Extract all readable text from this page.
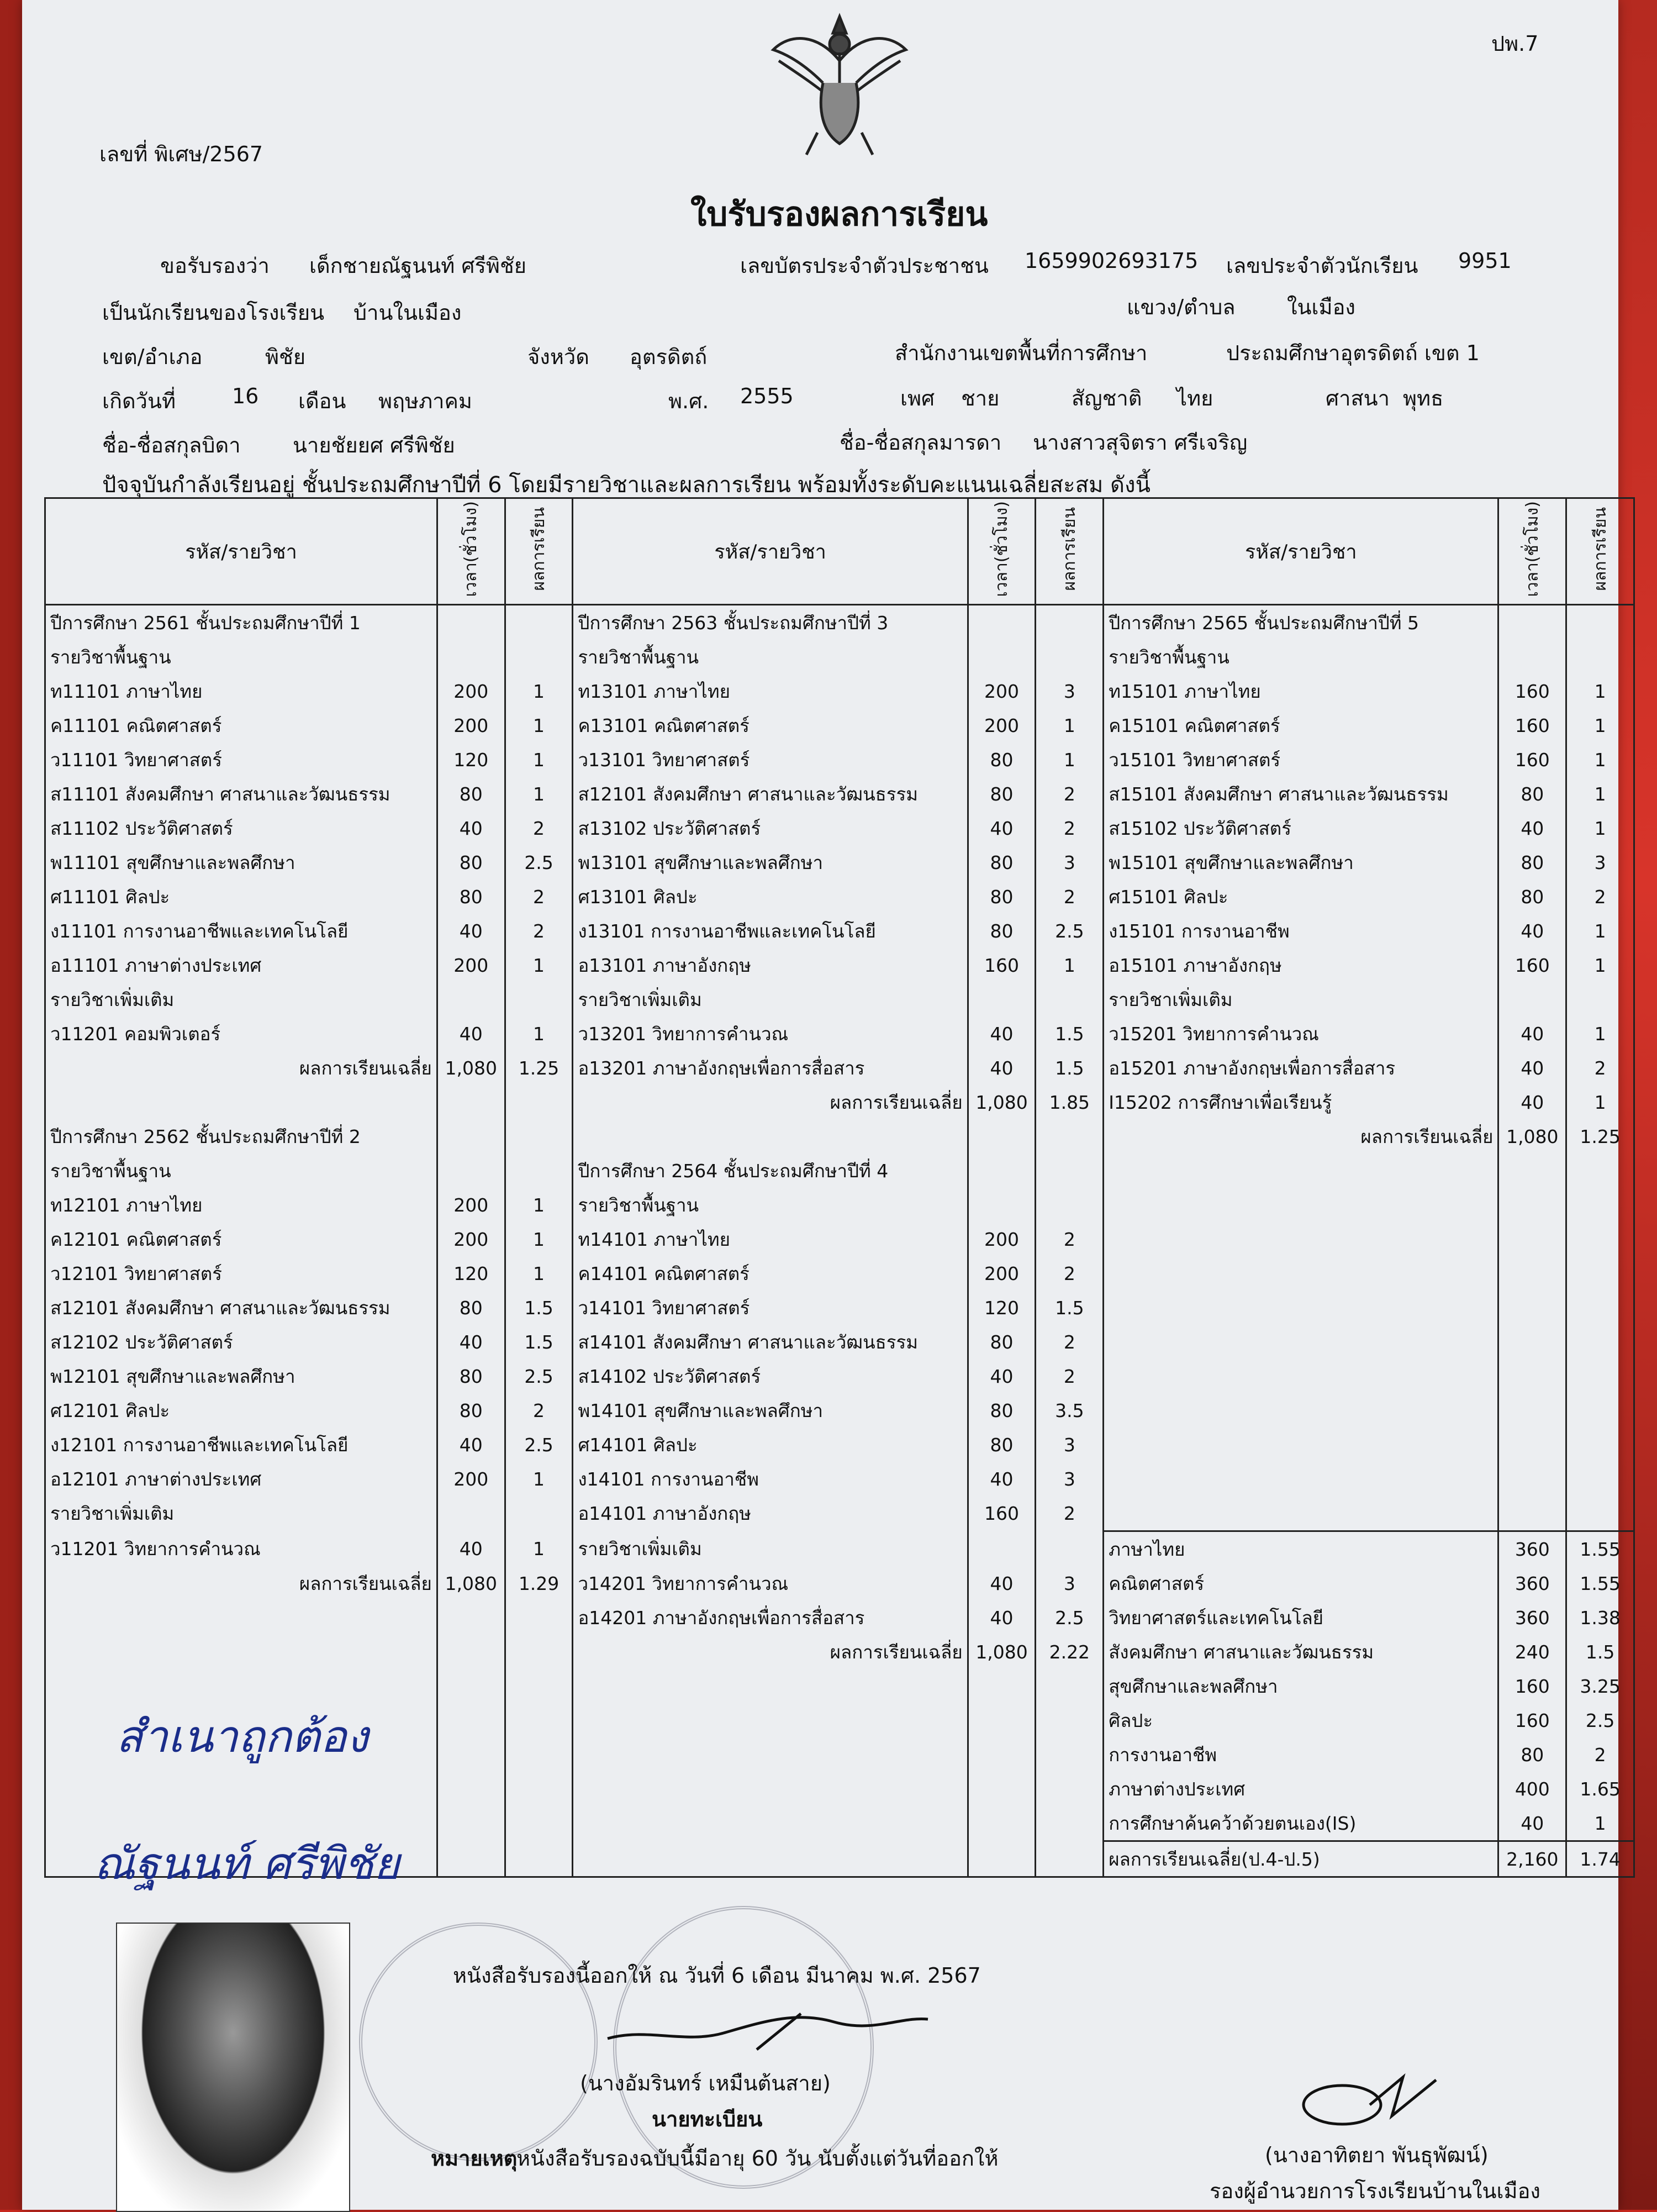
ปพ.7
เลขที่ พิเศษ/2567
ใบรับรองผลการเรียน
ขอรับรองว่า เด็กชายณัฐนนท์ ศรีพิชัย	เลขบัตรประจำตัวประชาชน 1659902693175 เลขประจำตัวนักเรียน 9951
เป็นนักเรียนของโรงเรียน บ้านในเมือง	แขวง/ตำบล ในเมือง
เขต/อำเภอ	พิชัย	จังหวัด อุตรดิตถ์	สำนักงานเขตพื้นที่การศึกษา	ประถมศึกษาอุตรดิตถ์ เขต 1
เกิดวันที่	16 เดือน พฤษภาคม	พ.ศ. 2555	เพศ ชาย	สัญชาติ ไทย	ศาสนา พุทธ
ชื่อ-ชื่อสกุลบิดา นายชัยยศ ศรีพิชัย	ชื่อ-ชื่อสกุลมารดา นางสาวสุจิตรา ศรีเจริญ
ปัจจุบันกำลังเรียนอยู่ ชั้นประถมศึกษาปีที่ 6 โดยมีรายวิชาและผลการเรียน พร้อมทั้งระดับคะแนนเฉลี่ยสะสม ดังนี้
รหัส/รายวิชา	เวลา(ชั่วโมง)	ผลการเรียน	รหัส/รายวิชา	เวลา(ชั่วโมง)	ผลการเรียน	รหัส/รายวิชา	เวลา(ชั่วโมง)	ผลการเรียน
ปีการศึกษา 2561 ชั้นประถมศึกษาปีที่ 1			ปีการศึกษา 2563 ชั้นประถมศึกษาปีที่ 3			ปีการศึกษา 2565 ชั้นประถมศึกษาปีที่ 5		
รายวิชาพื้นฐาน			รายวิชาพื้นฐาน			รายวิชาพื้นฐาน		
ท11101 ภาษาไทย	200	1	ท13101 ภาษาไทย	200	3	ท15101 ภาษาไทย	160	1
ค11101 คณิตศาสตร์	200	1	ค13101 คณิตศาสตร์	200	1	ค15101 คณิตศาสตร์	160	1
ว11101 วิทยาศาสตร์	120	1	ว13101 วิทยาศาสตร์	80	1	ว15101 วิทยาศาสตร์	160	1
ส11101 สังคมศึกษา ศาสนาและวัฒนธรรม	80	1	ส12101 สังคมศึกษา ศาสนาและวัฒนธรรม	80	2	ส15101 สังคมศึกษา ศาสนาและวัฒนธรรม	80	1
ส11102 ประวัติศาสตร์	40	2	ส13102 ประวัติศาสตร์	40	2	ส15102 ประวัติศาสตร์	40	1
พ11101 สุขศึกษาและพลศึกษา	80	2.5	พ13101 สุขศึกษาและพลศึกษา	80	3	พ15101 สุขศึกษาและพลศึกษา	80	3
ศ11101 ศิลปะ	80	2	ศ13101 ศิลปะ	80	2	ศ15101 ศิลปะ	80	2
ง11101 การงานอาชีพและเทคโนโลยี	40	2	ง13101 การงานอาชีพและเทคโนโลยี	80	2.5	ง15101 การงานอาชีพ	40	1
อ11101 ภาษาต่างประเทศ	200	1	อ13101 ภาษาอังกฤษ	160	1	อ15101 ภาษาอังกฤษ	160	1
รายวิชาเพิ่มเติม			รายวิชาเพิ่มเติม			รายวิชาเพิ่มเติม		
ว11201 คอมพิวเตอร์	40	1	ว13201 วิทยาการคำนวณ	40	1.5	ว15201 วิทยาการคำนวณ	40	1
ผลการเรียนเฉลี่ย	1,080	1.25	อ13201 ภาษาอังกฤษเพื่อการสื่อสาร	40	1.5	อ15201 ภาษาอังกฤษเพื่อการสื่อสาร	40	2
			ผลการเรียนเฉลี่ย	1,080	1.85	I15202 การศึกษาเพื่อเรียนรู้	40	1
ปีการศึกษา 2562 ชั้นประถมศึกษาปีที่ 2						ผลการเรียนเฉลี่ย	1,080	1.25
รายวิชาพื้นฐาน			ปีการศึกษา 2564 ชั้นประถมศึกษาปีที่ 4					
ท12101 ภาษาไทย	200	1	รายวิชาพื้นฐาน					
ค12101 คณิตศาสตร์	200	1	ท14101 ภาษาไทย	200	2			
ว12101 วิทยาศาสตร์	120	1	ค14101 คณิตศาสตร์	200	2			
ส12101 สังคมศึกษา ศาสนาและวัฒนธรรม	80	1.5	ว14101 วิทยาศาสตร์	120	1.5			
ส12102 ประวัติศาสตร์	40	1.5	ส14101 สังคมศึกษา ศาสนาและวัฒนธรรม	80	2			
พ12101 สุขศึกษาและพลศึกษา	80	2.5	ส14102 ประวัติศาสตร์	40	2			
ศ12101 ศิลปะ	80	2	พ14101 สุขศึกษาและพลศึกษา	80	3.5			
ง12101 การงานอาชีพและเทคโนโลยี	40	2.5	ศ14101 ศิลปะ	80	3			
อ12101 ภาษาต่างประเทศ	200	1	ง14101 การงานอาชีพ	40	3			
รายวิชาเพิ่มเติม			อ14101 ภาษาอังกฤษ	160	2			
ว11201 วิทยาการคำนวณ	40	1	รายวิชาเพิ่มเติม			ภาษาไทย	360	1.55
ผลการเรียนเฉลี่ย	1,080	1.29	ว14201 วิทยาการคำนวณ	40	3	คณิตศาสตร์	360	1.55
			อ14201 ภาษาอังกฤษเพื่อการสื่อสาร	40	2.5	วิทยาศาสตร์และเทคโนโลยี	360	1.38
			ผลการเรียนเฉลี่ย	1,080	2.22	สังคมศึกษา ศาสนาและวัฒนธรรม	240	1.5
						สุขศึกษาและพลศึกษา	160	3.25
						ศิลปะ	160	2.5
						การงานอาชีพ	80	2
						ภาษาต่างประเทศ	400	1.65
						การศึกษาค้นคว้าด้วยตนเอง(IS)	40	1
						ผลการเรียนเฉลี่ย(ป.4-ป.5)	2,160	1.74
สำเนาถูกต้อง
ณัฐนนท์ ศรีพิชัย
หนังสือรับรองนี้ออกให้ ณ วันที่ 6 เดือน มีนาคม พ.ศ. 2567
(นางอัมรินทร์ เหมืนต้นสาย)
นายทะเบียน
หมายเหตุ
หนังสือรับรองฉบับนี้มีอายุ 60 วัน นับตั้งแต่วันที่ออกให้	(นางอาทิตยา พันธุพัฒน์)
รองผู้อำนวยการโรงเรียนบ้านในเมือง
